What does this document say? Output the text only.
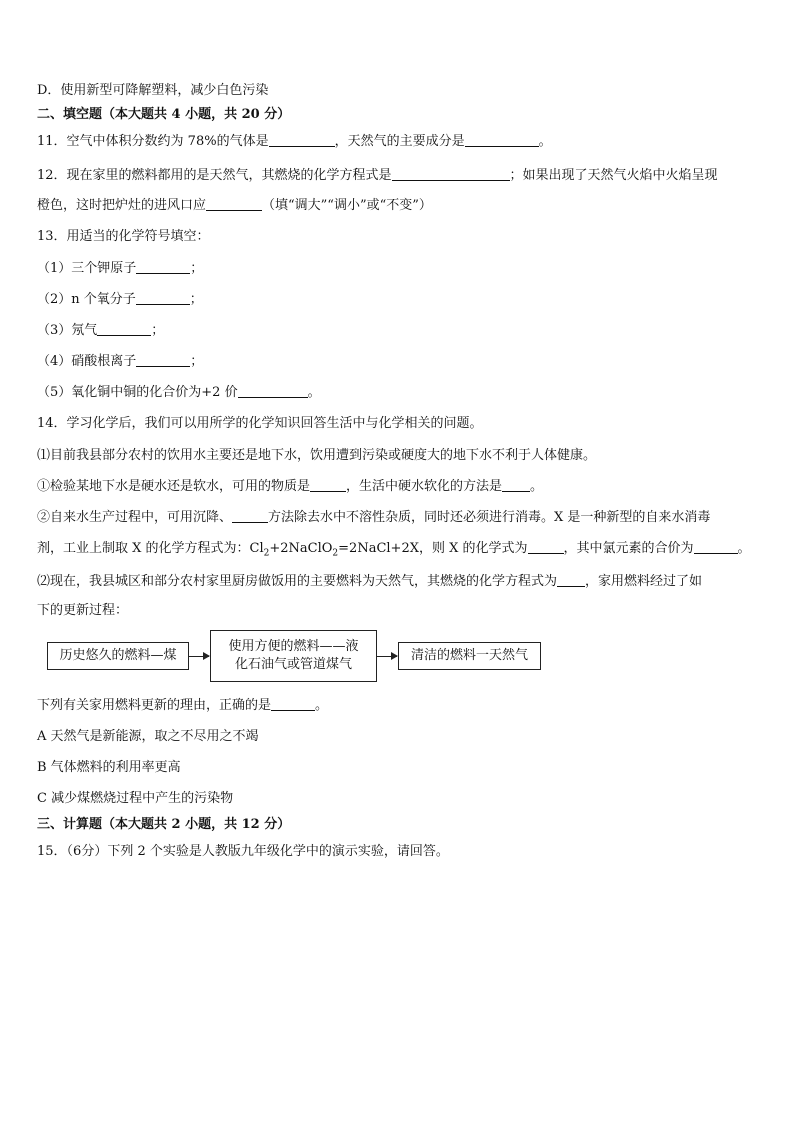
D．使用新型可降解塑料，减少白色污染
二、填空题（本大题共 4 小题，共 20 分）
11．空气中体积分数约为 78%的气体是	，天然气的主要成分是	。
12．现在家里的燃料都用的是天然气，其燃烧的化学方程式是	；如果出现了天然气火焰中火焰呈现
橙色，这时把炉灶的进风口应	（填“调大”“调小”或“不变”）
13．用适当的化学符号填空：
（1）三个钾原子	；
（2）n 个氧分子	；
（3）氖气	；
（4）硝酸根离子	；
（5）氧化铜中铜的化合价为+2 价	。
14．学习化学后，我们可以用所学的化学知识回答生活中与化学相关的问题。
⑴目前我县部分农村的饮用水主要还是地下水，饮用遭到污染或硬度大的地下水不利于人体健康。
①检验某地下水是硬水还是软水，可用的物质是	，生活中硬水软化的方法是 。
②自来水生产过程中，可用沉降、	方法除去水中不溶性杂质，同时还必须进行消毒。X 是一种新型的自来水消毒
剂，工业上制取 X 的化学方程式为：$Cl_2+2NaClO_2=2NaCl+2X$，则 X 的化学式为	，其中氯元素的合价为	。
⑵现在，我县城区和部分农村家里厨房做饭用的主要燃料为天然气，其燃烧的化学方程式为 ，家用燃料经过了如
下的更新过程：
历史悠久的燃料—煤
使用方便的燃料——液
化石油气或管道煤气
清洁的燃料一天然气
下列有关家用燃料更新的理由，正确的是	。
A 天然气是新能源，取之不尽用之不竭
B 气体燃料的利用率更高
C 减少煤燃烧过程中产生的污染物
三、计算题（本大题共 2 小题，共 12 分）
15．（6分）下列 2 个实验是人教版九年级化学中的演示实验，请回答。
